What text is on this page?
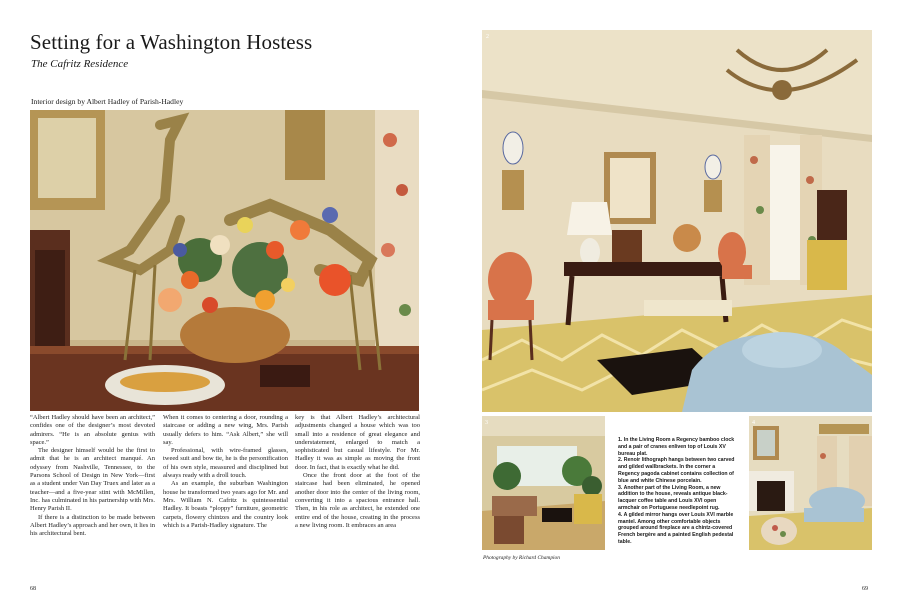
Setting for a Washington Hostess
The Cafritz Residence
Interior design by Albert Hadley of Parish-Hadley

“Albert Hadley should have been an architect,” confides one of the designer’s most devoted admirers. “He is an absolute genius with space.”

The designer himself would be the first to admit that he is an architect manqué. An odyssey from Nashville, Tennessee, to the Parsons School of Design in New York—first as a student under Van Day Truex and later as a teacher—and a five-year stint with McMillen, Inc. has culminated in his partnership with Mrs. Henry Parish II.

If there is a distinction to be made between Albert Hadley’s approach and her own, it lies in his architectural bent.

When it comes to centering a door, rounding a staircase or adding a new wing, Mrs. Parish usually defers to him. “Ask Albert,” she will say.

Professional, with wire-framed glasses, tweed suit and bow tie, he is the personification of his own style, measured and disciplined but always ready with a droll touch.

As an example, the suburban Washington house he transformed two years ago for Mr. and Mrs. William N. Cafritz is quintessential Hadley. It boasts “ploppy” furniture, geometric carpets, flowery chintzes and the country look which is a Parish-Hadley signature. The

key is that Albert Hadley’s architectural adjustments changed a house which was too small into a residence of great elegance and understatement, enlarged to match a sophisticated but casual lifestyle. For Mr. Hadley it was as simple as moving the front door. In fact, that is exactly what he did.

Once the front door at the foot of the staircase had been eliminated, he opened another door into the center of the living room, converting it into a spacious entrance hall. Then, in his role as architect, he extended one entire end of the house, creating in the process a new living room. It embraces an area

68
2
3

1. In the Living Room a Regency bamboo clock and a pair of cranes enliven top of Louis XV bureau plat.

2. Renoir lithograph hangs between two carved and gilded wallbrackets. In the corner a Regency pagoda cabinet contains collection of blue and white Chinese porcelain.

3. Another part of the Living Room, a new addition to the house, reveals antique black-lacquer coffee table and Louis XVI open armchair on Portuguese needlepoint rug.

4. A gilded mirror hangs over Louis XVI marble mantel. Among other comfortable objects grouped around fireplace are a chintz-covered French bergère and a painted English pedestal table.

4
Photography by Richard Champion
69
